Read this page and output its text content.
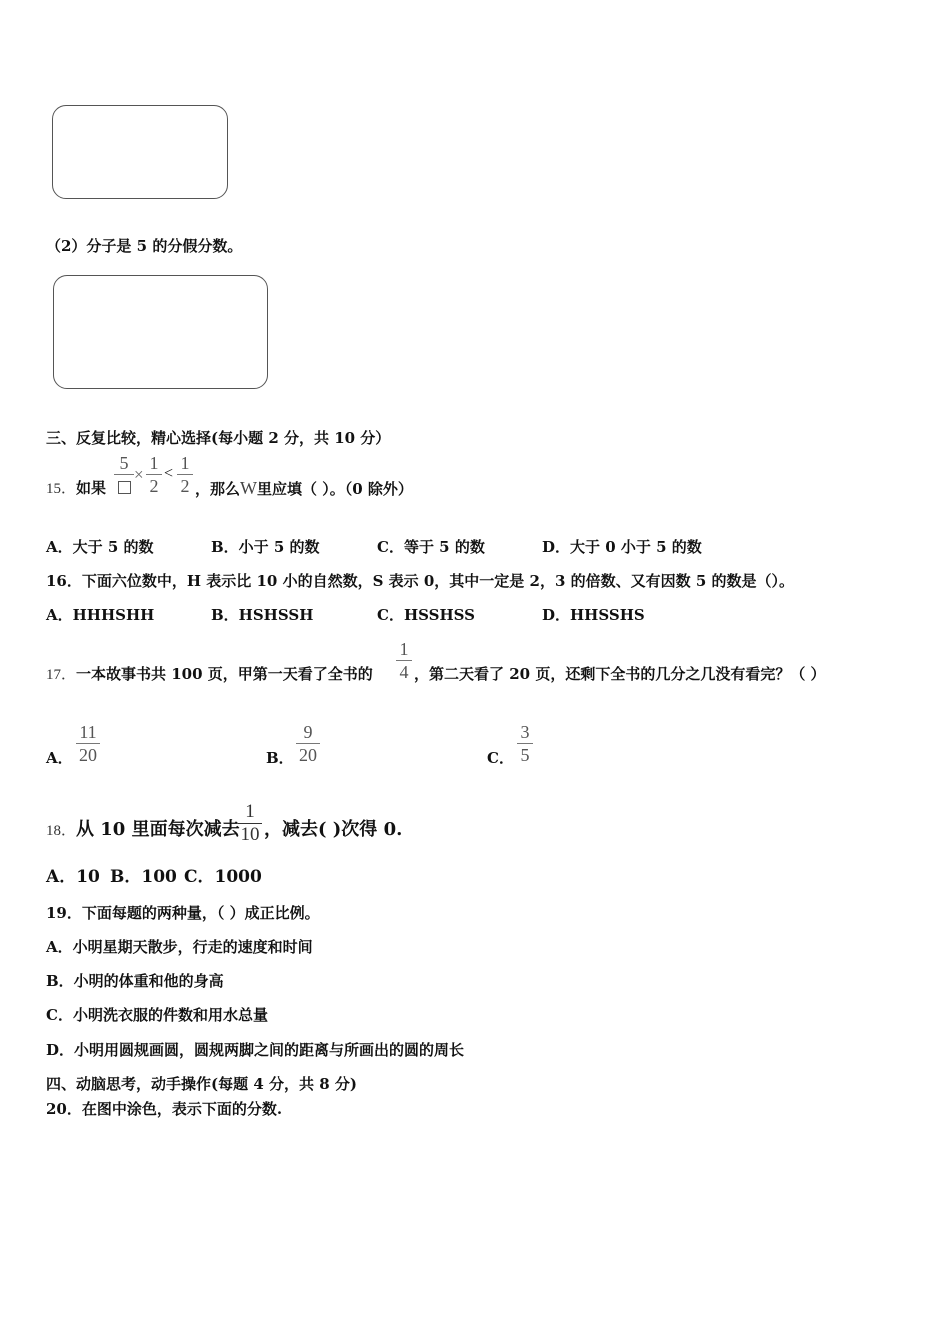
（2）分子是 5 的分假分数。
三、反复比较，精心选择(每小题 2 分，共 10 分）
15．如果
5
×
1
2
<
1
2 ，那么W里应填（ ）。（0 除外）
A．大于 5 的数	B．小于 5 的数	C．等于 5 的数	D．大于 0 小于 5 的数
16．下面六位数中，H 表示比 10 小的自然数，S 表示 0，其中一定是 2，3 的倍数、又有因数 5 的数是（）。
A．HHHSHH	B．HSHSSH	C．HSSHSS	D．HHSSHS
17．一本故事书共 100 页，甲第一天看了全书的
1
4 ，第二天看了 20 页，还剩下全书的几分之几没有看完？（ ）
A．
11
20	B．
9
20	C．
3
5
18．从 10 里面每次减去
1
10 ，减去( )次得 0.
A．10 B．100 C．1000
19．下面每题的两种量，（ ）成正比例。
A．小明星期天散步，行走的速度和时间
B．小明的体重和他的身高
C．小明洗衣服的件数和用水总量
D．小明用圆规画圆，圆规两脚之间的距离与所画出的圆的周长
四、动脑思考，动手操作(每题 4 分，共 8 分)
20．在图中涂色，表示下面的分数.
